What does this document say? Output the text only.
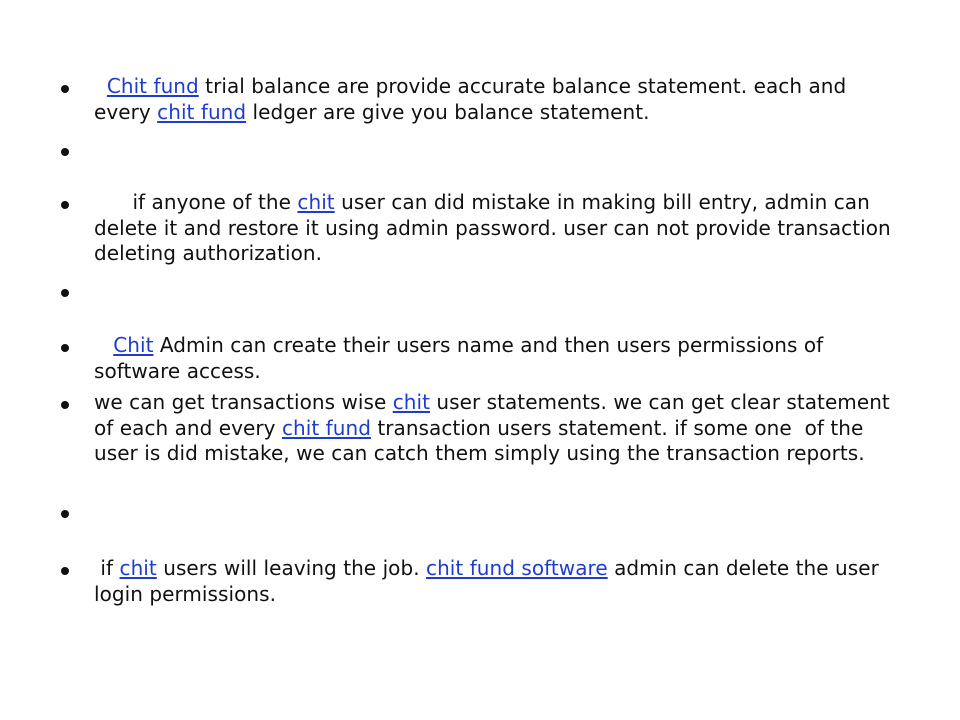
Chit fund trial balance are provide accurate balance statement. each and every chit fund ledger are give you balance statement.
if anyone of the chit user can did mistake in making bill entry, admin can delete it and restore it using admin password. user can not provide transaction deleting authorization.
Chit Admin can create their users name and then users permissions of software access.
we can get transactions wise chit user statements. we can get clear statement of each and every chit fund transaction users statement. if some one  of the user is did mistake, we can catch them simply using the transaction reports.
if chit users will leaving the job. chit fund software admin can delete the user login permissions.
